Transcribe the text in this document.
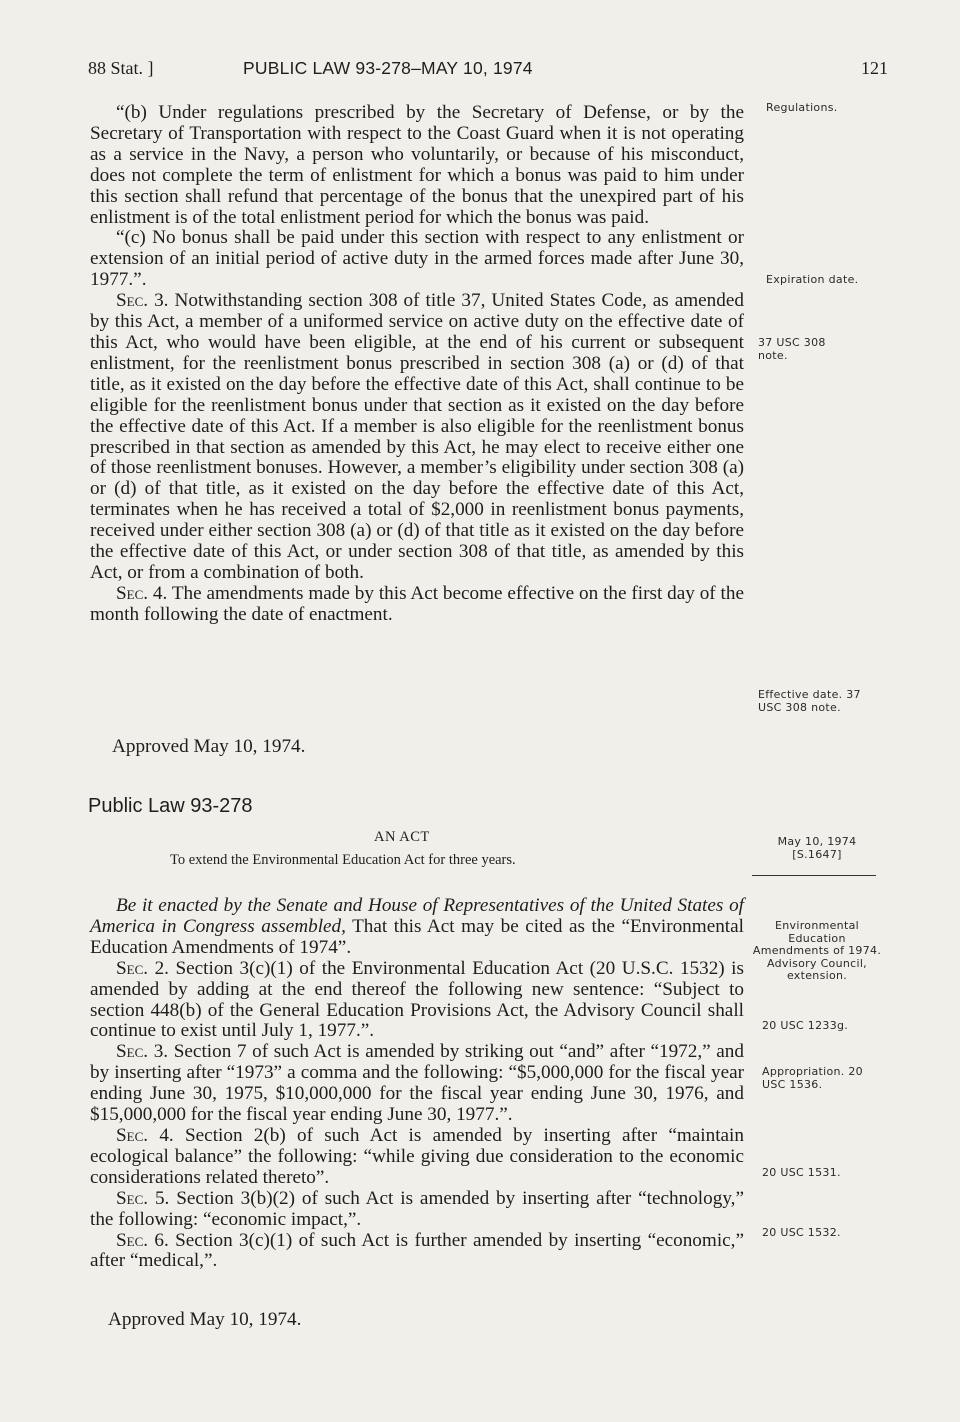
88 Stat. ]	PUBLIC LAW 93-278–MAY 10, 1974	121

“(b) Under regulations prescribed by the Secretary of Defense, or by the Secretary of Transportation with respect to the Coast Guard when it is not operating as a service in the Navy, a person who voluntarily, or because of his misconduct, does not complete the term of enlistment for which a bonus was paid to him under this section shall refund that percentage of the bonus that the unexpired part of his enlistment is of the total enlistment period for which the bonus was paid.

“(c) No bonus shall be paid under this section with respect to any enlistment or extension of an initial period of active duty in the armed forces made after June 30, 1977.”.

Sec. 3. Notwithstanding section 308 of title 37, United States Code, as amended by this Act, a member of a uniformed service on active duty on the effective date of this Act, who would have been eligible, at the end of his current or subsequent enlistment, for the reenlistment bonus prescribed in section 308 (a) or (d) of that title, as it existed on the day before the effective date of this Act, shall continue to be eligible for the reenlistment bonus under that section as it existed on the day before the effective date of this Act. If a member is also eligible for the reenlistment bonus prescribed in that section as amended by this Act, he may elect to receive either one of those reenlistment bonuses. However, a member’s eligibility under section 308 (a) or (d) of that title, as it existed on the day before the effective date of this Act, terminates when he has received a total of $2,000 in reenlistment bonus payments, received under either section 308 (a) or (d) of that title as it existed on the day before the effective date of this Act, or under section 308 of that title, as amended by this Act, or from a combination of both.

Sec. 4. The amendments made by this Act become effective on the first day of the month following the date of enactment.

Approved May 10, 1974.
Public Law 93-278
AN ACT
To extend the Environmental Education Act for three years.

Be it enacted by the Senate and House of Representatives of the United States of America in Congress assembled, That this Act may be cited as the “Environmental Education Amendments of 1974”.

Sec. 2. Section 3(c)(1) of the Environmental Education Act (20 U.S.C. 1532) is amended by adding at the end thereof the following new sentence: “Subject to section 448(b) of the General Education Provisions Act, the Advisory Council shall continue to exist until July 1, 1977.”.

Sec. 3. Section 7 of such Act is amended by striking out “and” after “1972,” and by inserting after “1973” a comma and the following: “$5,000,000 for the fiscal year ending June 30, 1975, $10,000,000 for the fiscal year ending June 30, 1976, and $15,000,000 for the fiscal year ending June 30, 1977.”.

Sec. 4. Section 2(b) of such Act is amended by inserting after “maintain ecological balance” the following: “while giving due consideration to the economic considerations related thereto”.

Sec. 5. Section 3(b)(2) of such Act is amended by inserting after “technology,” the following: “economic impact,”.

Sec. 6. Section 3(c)(1) of such Act is further amended by inserting “economic,” after “medical,”.

Approved May 10, 1974.
Regulations.
Expiration date.
37 USC 308 note.
Effective date. 37 USC 308 note.
May 10, 1974 [S.1647]
Environmental Education Amendments of 1974. Advisory Council, extension.
20 USC 1233g.
Appropriation. 20 USC 1536.
20 USC 1531.
20 USC 1532.
